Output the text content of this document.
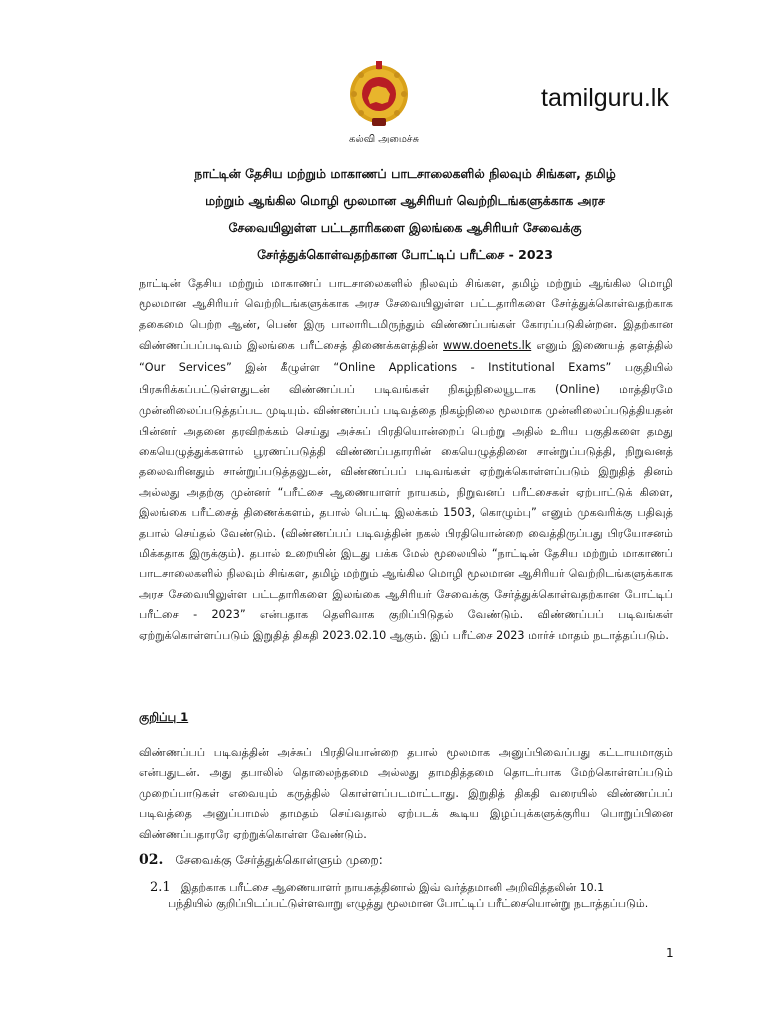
tamilguru.lk
கல்வி அமைச்சு
நாட்டின் தேசிய மற்றும் மாகாணப் பாடசாலைகளில் நிலவும் சிங்கள, தமிழ்
மற்றும் ஆங்கில மொழி மூலமான ஆசிரியர் வெற்றிடங்களுக்காக அரச
சேவையிலுள்ள பட்டதாரிகளை இலங்கை ஆசிரியர் சேவைக்கு
சேர்த்துக்கொள்வதற்கான போட்டிப் பரீட்சை - 2023

நாட்டின் தேசிய மற்றும் மாகாணப் பாடசாலைகளில் நிலவும் சிங்கள, தமிழ் மற்றும் ஆங்கில மொழி மூலமான ஆசிரியர் வெற்றிடங்களுக்காக அரச சேவையிலுள்ள பட்டதாரிகளை சேர்த்துக்கொள்வதற்காக தகைமை பெற்ற ஆண், பெண் இரு பாலாரிடமிருந்தும் விண்ணப்பங்கள் கோரப்படுகின்றன. இதற்கான விண்ணப்பப்படிவம் இலங்கை பரீட்சைத் திணைக்களத்தின் www.doenets.lk எனும் இணையத் தளத்தில் “Our Services” இன் கீழுள்ள “Online Applications - Institutional Exams” பகுதியில் பிரசுரிக்கப்பட்டுள்ளதுடன் விண்ணப்பப் படிவங்கள் நிகழ்நிலையூடாக (Online) மாத்திரமே முன்னிலைப்படுத்தப்பட முடியும். விண்ணப்பப் படிவத்தை நிகழ்நிலை மூலமாக முன்னிலைப்படுத்தியதன் பின்னர் அதனை தரவிறக்கம் செய்து அச்சுப் பிரதியொன்றைப் பெற்று அதில் உரிய பகுதிகளை தமது கையெழுத்துக்களால் பூரணப்படுத்தி விண்ணப்பதாரரின் கையெழுத்தினை சான்றுப்படுத்தி, நிறுவனத் தலைவரினதும் சான்றுப்படுத்தலுடன், விண்ணப்பப் படிவங்கள் ஏற்றுக்கொள்ளப்படும் இறுதித் தினம் அல்லது அதற்கு முன்னர் “பரீட்சை ஆணையாளர் நாயகம், நிறுவனப் பரீட்சைகள் ஏற்பாட்டுக் கிளை, இலங்கை பரீட்சைத் திணைக்களம், தபால் பெட்டி இலக்கம் 1503, கொழும்பு” எனும் முகவரிக்கு பதிவுத் தபால் செய்தல் வேண்டும். (விண்ணப்பப் படிவத்தின் நகல் பிரதியொன்றை வைத்திருப்பது பிரயோசனம் மிக்கதாக இருக்கும்). தபால் உறையின் இடது பக்க மேல் மூலையில் “நாட்டின் தேசிய மற்றும் மாகாணப் பாடசாலைகளில் நிலவும் சிங்கள, தமிழ் மற்றும் ஆங்கில மொழி மூலமான ஆசிரியர் வெற்றிடங்களுக்காக அரச சேவையிலுள்ள பட்டதாரிகளை இலங்கை ஆசிரியர் சேவைக்கு சேர்த்துக்கொள்வதற்கான போட்டிப் பரீட்சை - 2023” என்பதாக தெளிவாக குறிப்பிடுதல் வேண்டும். விண்ணப்பப் படிவங்கள் ஏற்றுக்கொள்ளப்படும் இறுதித் திகதி 2023.02.10 ஆகும். இப் பரீட்சை 2023 மார்ச் மாதம் நடாத்தப்படும்.

குறிப்பு 1

விண்ணப்பப் படிவத்தின் அச்சுப் பிரதியொன்றை தபால் மூலமாக அனுப்பிவைப்பது கட்டாயமாகும் என்பதுடன். அது தபாலில் தொலைந்தமை அல்லது தாமதித்தமை தொடர்பாக மேற்கொள்ளப்படும் முறைப்பாடுகள் எவையும் கருத்தில் கொள்ளப்படமாட்டாது. இறுதித் திகதி வரையில் விண்ணப்பப் படிவத்தை அனுப்பாமல் தாமதம் செய்வதால் ஏற்படக் கூடிய இழப்புக்களுக்குரிய பொறுப்பினை விண்ணப்பதாரரே ஏற்றுக்கொள்ள வேண்டும்.

02. சேவைக்கு சேர்த்துக்கொள்ளும் முறை:
2.1 இதற்காக பரீட்சை ஆணையாளர் நாயகத்தினால் இவ் வர்த்தமானி அறிவித்தலின் 10.1
பந்தியில் குறிப்பிடப்பட்டுள்ளவாறு எழுத்து மூலமான போட்டிப் பரீட்சையொன்று நடாத்தப்படும்.
1
